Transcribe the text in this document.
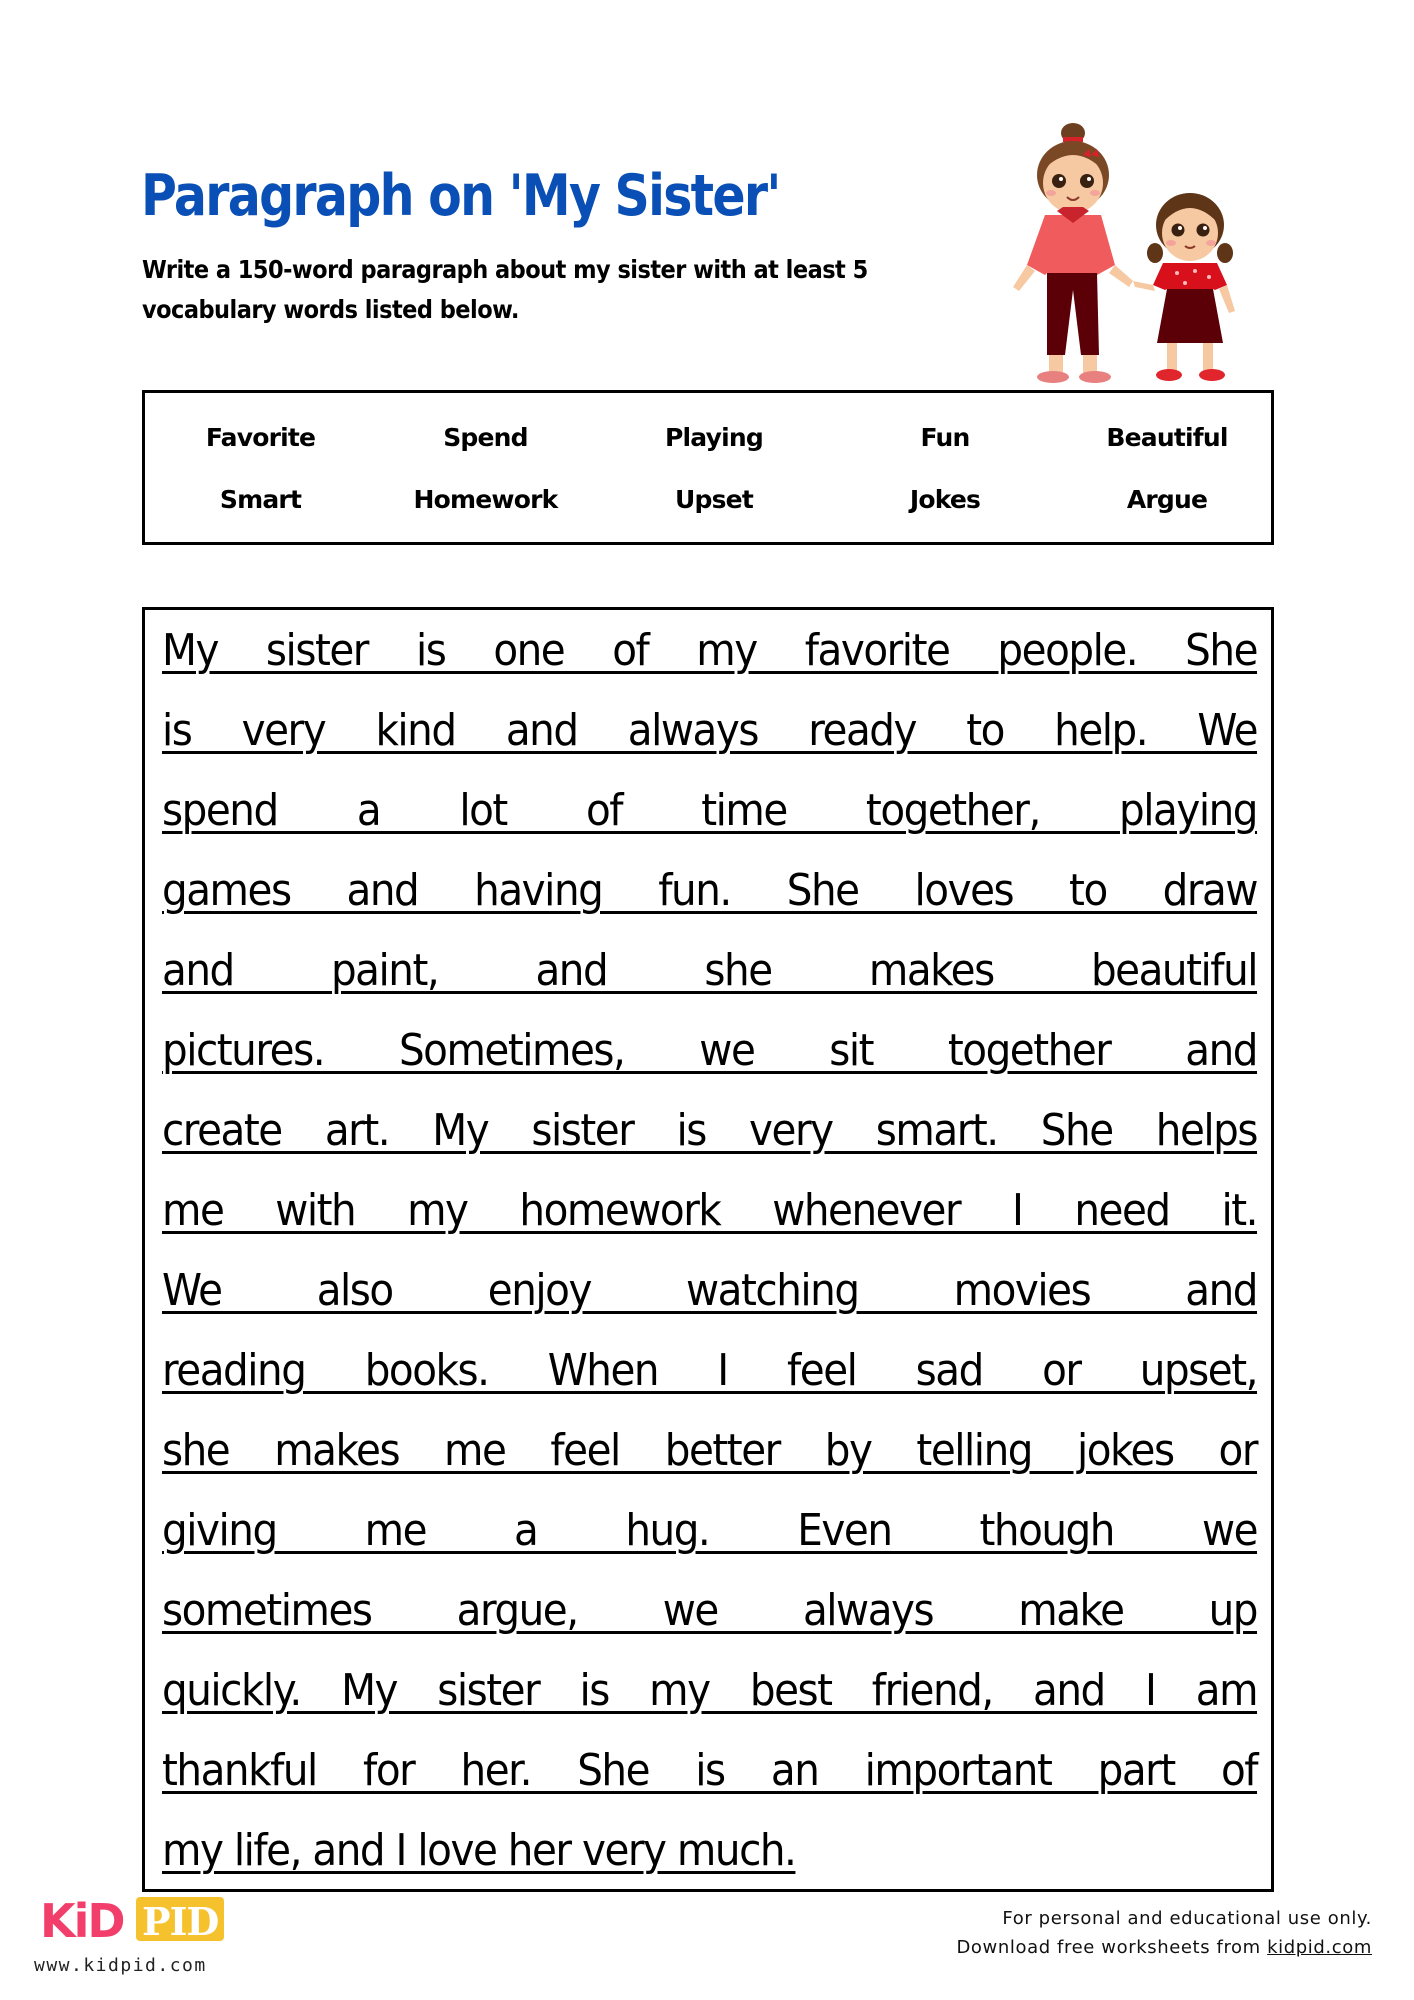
Paragraph on 'My Sister'
Write a 150-word paragraph about my sister with at least 5 vocabulary words listed below.
Favorite	Spend	Playing	Fun	Beautiful
Smart	Homework	Upset	Jokes	Argue
My sister is one of my favorite people. She
is very kind and always ready to help. We
spend a lot of time together, playing
games and having fun. She loves to draw
and paint, and she makes beautiful
pictures. Sometimes, we sit together and
create art. My sister is very smart. She helps
me with my homework whenever I need it.
We also enjoy watching movies and
reading books. When I feel sad or upset,
she makes me feel better by telling jokes or
giving me a hug. Even though we
sometimes argue, we always make up
quickly. My sister is my best friend, and I am
thankful for her. She is an important part of
my life, and I love her very much.
KiD PID
www.kidpid.com
For personal and educational use only.
Download free worksheets from kidpid.com
